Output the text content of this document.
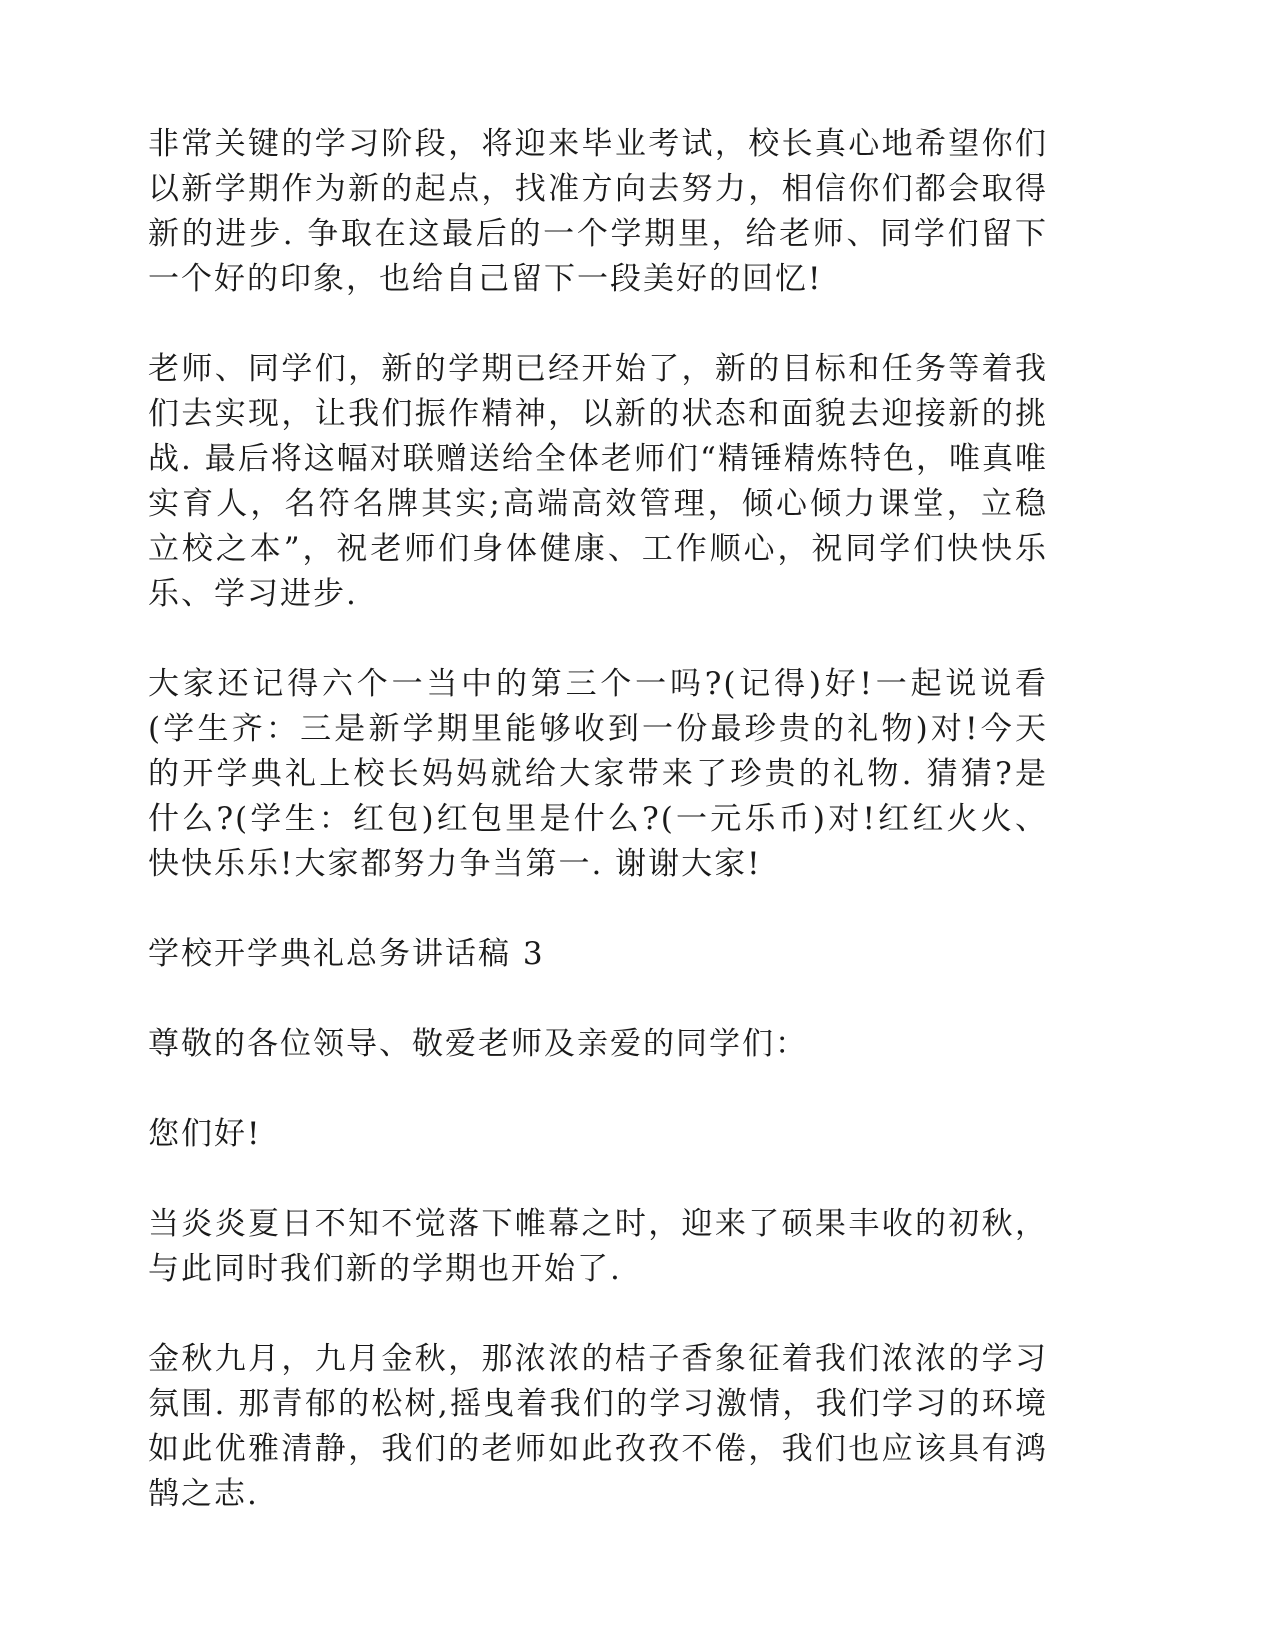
非常关键的学习阶段，将迎来毕业考试，校长真心地希望你们以新学期作为新的起点，找准方向去努力，相信你们都会取得新的进步. 争取在这最后的一个学期里，给老师、同学们留下一个好的印象，也给自己留下一段美好的回忆!

老师、同学们，新的学期已经开始了，新的目标和任务等着我们去实现，让我们振作精神，以新的状态和面貌去迎接新的挑战. 最后将这幅对联赠送给全体老师们“精锤精炼特色，唯真唯实育人，名符名牌其实;高端高效管理，倾心倾力课堂，立稳立校之本”，祝老师们身体健康、工作顺心，祝同学们快快乐乐、学习进步.

大家还记得六个一当中的第三个一吗?(记得)好!一起说说看(学生齐：三是新学期里能够收到一份最珍贵的礼物)对!今天的开学典礼上校长妈妈就给大家带来了珍贵的礼物. 猜猜?是什么?(学生：红包)红包里是什么?(一元乐币)对!红红火火、快快乐乐!大家都努力争当第一. 谢谢大家!

学校开学典礼总务讲话稿 3

尊敬的各位领导、敬爱老师及亲爱的同学们：

您们好!

当炎炎夏日不知不觉落下帷幕之时，迎来了硕果丰收的初秋，与此同时我们新的学期也开始了.

金秋九月，九月金秋，那浓浓的桔子香象征着我们浓浓的学习氛围. 那青郁的松树,摇曳着我们的学习激情，我们学习的环境如此优雅清静，我们的老师如此孜孜不倦，我们也应该具有鸿鹄之志.
